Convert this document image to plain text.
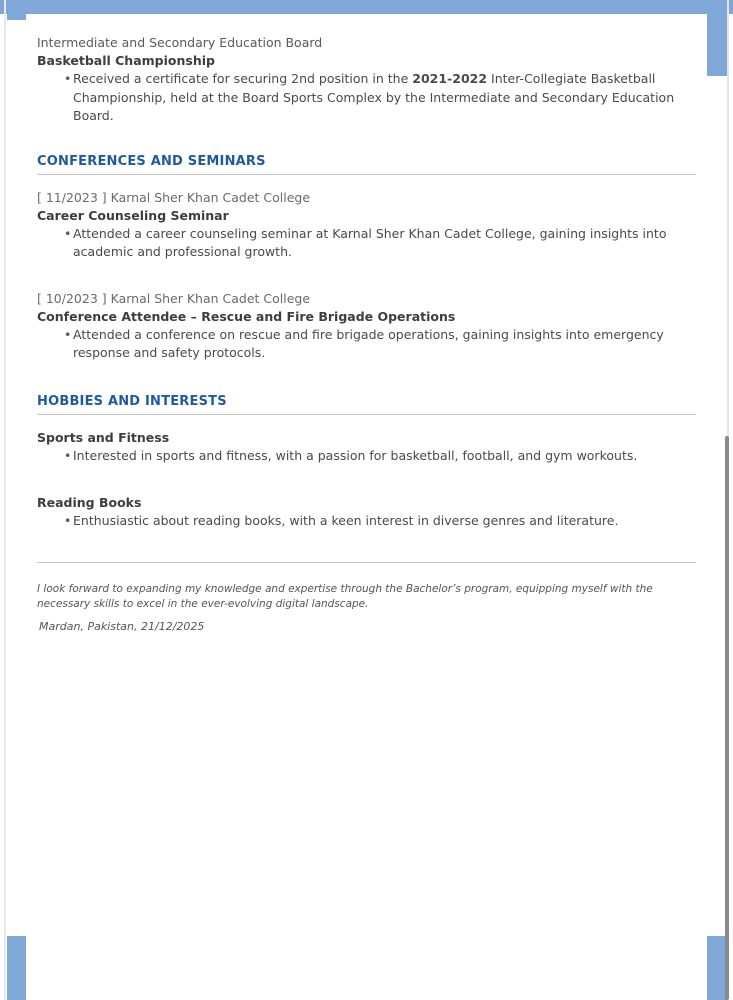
Intermediate and Secondary Education Board
Basketball Championship
• Received a certificate for securing 2nd position in the 2021-2022 Inter-Collegiate Basketball Championship, held at the Board Sports Complex by the Intermediate and Secondary Education Board.
CONFERENCES AND SEMINARS
[ 11/2023 ] Karnal Sher Khan Cadet College
Career Counseling Seminar
• Attended a career counseling seminar at Karnal Sher Khan Cadet College, gaining insights into academic and professional growth.
[ 10/2023 ] Karnal Sher Khan Cadet College
Conference Attendee – Rescue and Fire Brigade Operations
• Attended a conference on rescue and fire brigade operations, gaining insights into emergency response and safety protocols.
HOBBIES AND INTERESTS
Sports and Fitness
• Interested in sports and fitness, with a passion for basketball, football, and gym workouts.
Reading Books
• Enthusiastic about reading books, with a keen interest in diverse genres and literature.
I look forward to expanding my knowledge and expertise through the Bachelor’s program, equipping myself with the necessary skills to excel in the ever-evolving digital landscape.
Mardan, Pakistan, 21/12/2025
